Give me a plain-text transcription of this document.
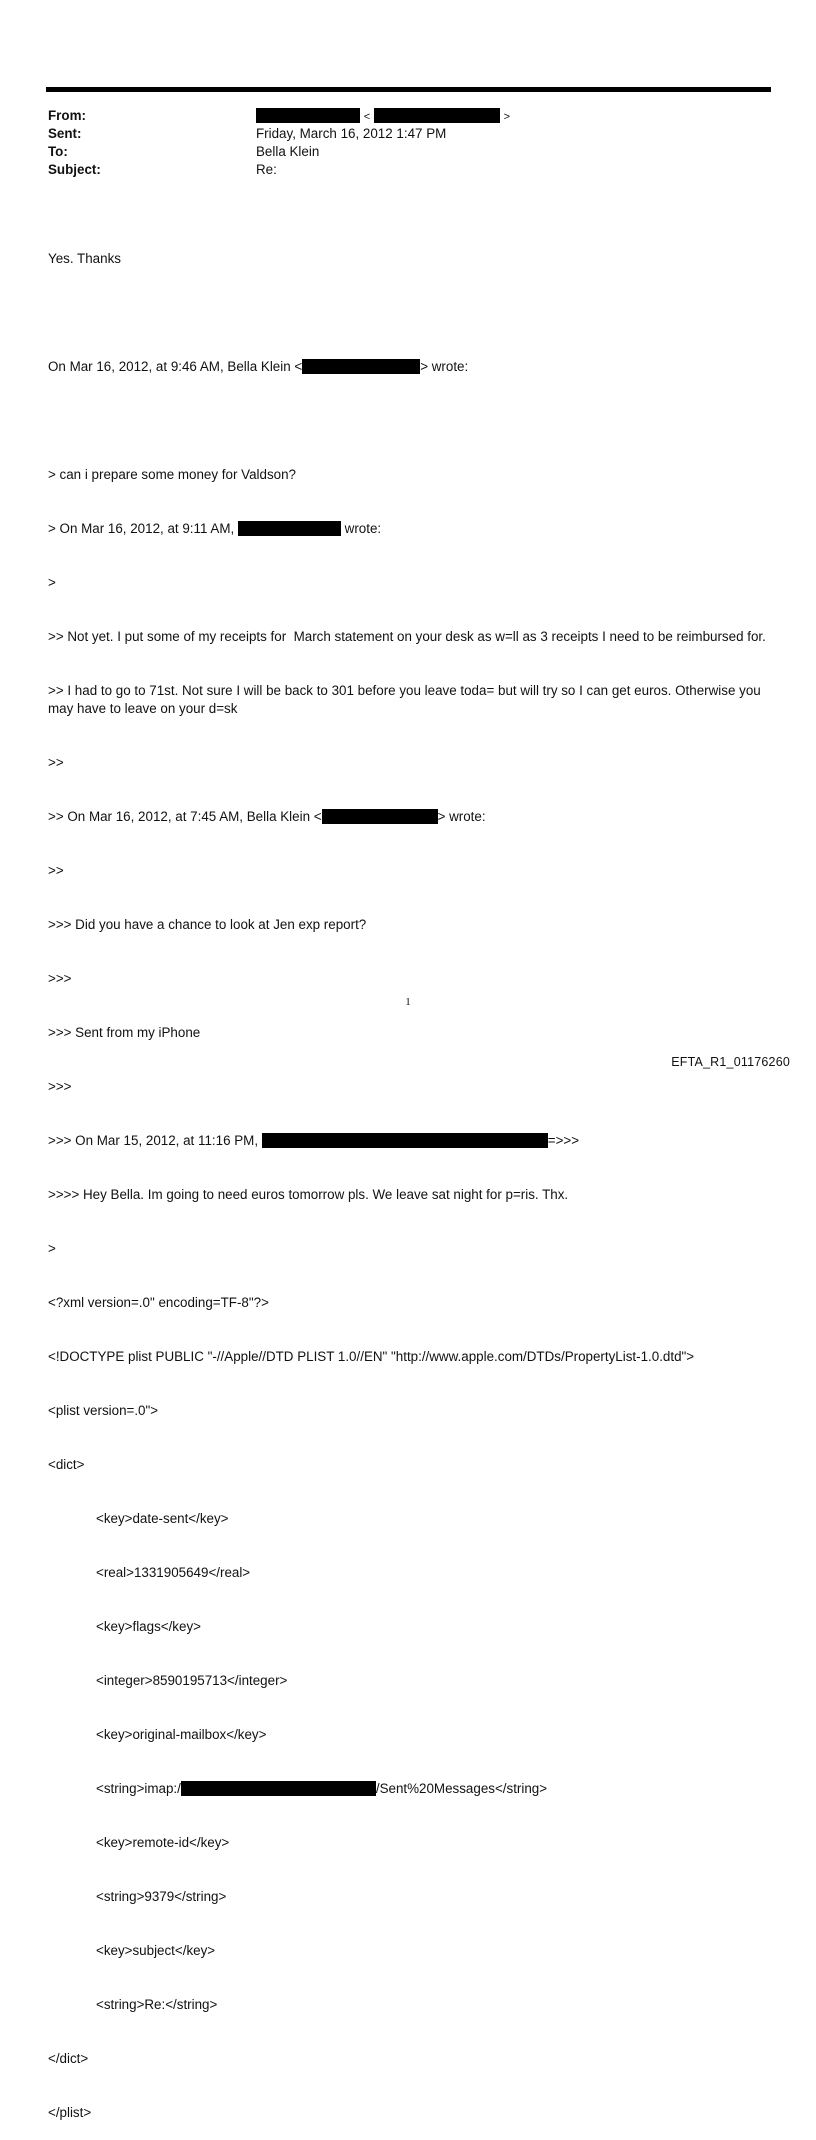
From:	<	>
Sent:	Friday, March 16, 2012 1:47 PM
To:	Bella Klein
Subject:	Re:

Yes. Thanks

On Mar 16, 2012, at 9:46 AM, Bella Klein <	> wrote:

> can i prepare some money for Valdson?

> On Mar 16, 2012, at 9:11 AM,	wrote:

>

>> Not yet. I put some of my receipts for  March statement on your desk as w=ll as 3 receipts I need to be reimbursed for.

>> I had to go to 71st. Not sure I will be back to 301 before you leave toda= but will try so I can get euros. Otherwise you may have to leave on your d=sk

>>

>> On Mar 16, 2012, at 7:45 AM, Bella Klein <	> wrote:

>>

>>> Did you have a chance to look at Jen exp report?

>>>

>>> Sent from my iPhone

>>>

>>> On Mar 15, 2012, at 11:16 PM,	=>>>

>>>> Hey Bella. Im going to need euros tomorrow pls. We leave sat night for p=ris. Thx.

>

<?xml version=.0" encoding=TF-8"?>

<!DOCTYPE plist PUBLIC "-//Apple//DTD PLIST 1.0//EN" "http://www.apple.com/DTDs/PropertyList-1.0.dtd">

<plist version=.0">

<dict>

<key>date-sent</key>

<real>1331905649</real>

<key>flags</key>

<integer>8590195713</integer>

<key>original-mailbox</key>

<string>imap:/	/Sent%20Messages</string>

<key>remote-id</key>

<string>9379</string>

<key>subject</key>

<string>Re:</string>

</dict>

</plist>

1
EFTA_R1_01176260
